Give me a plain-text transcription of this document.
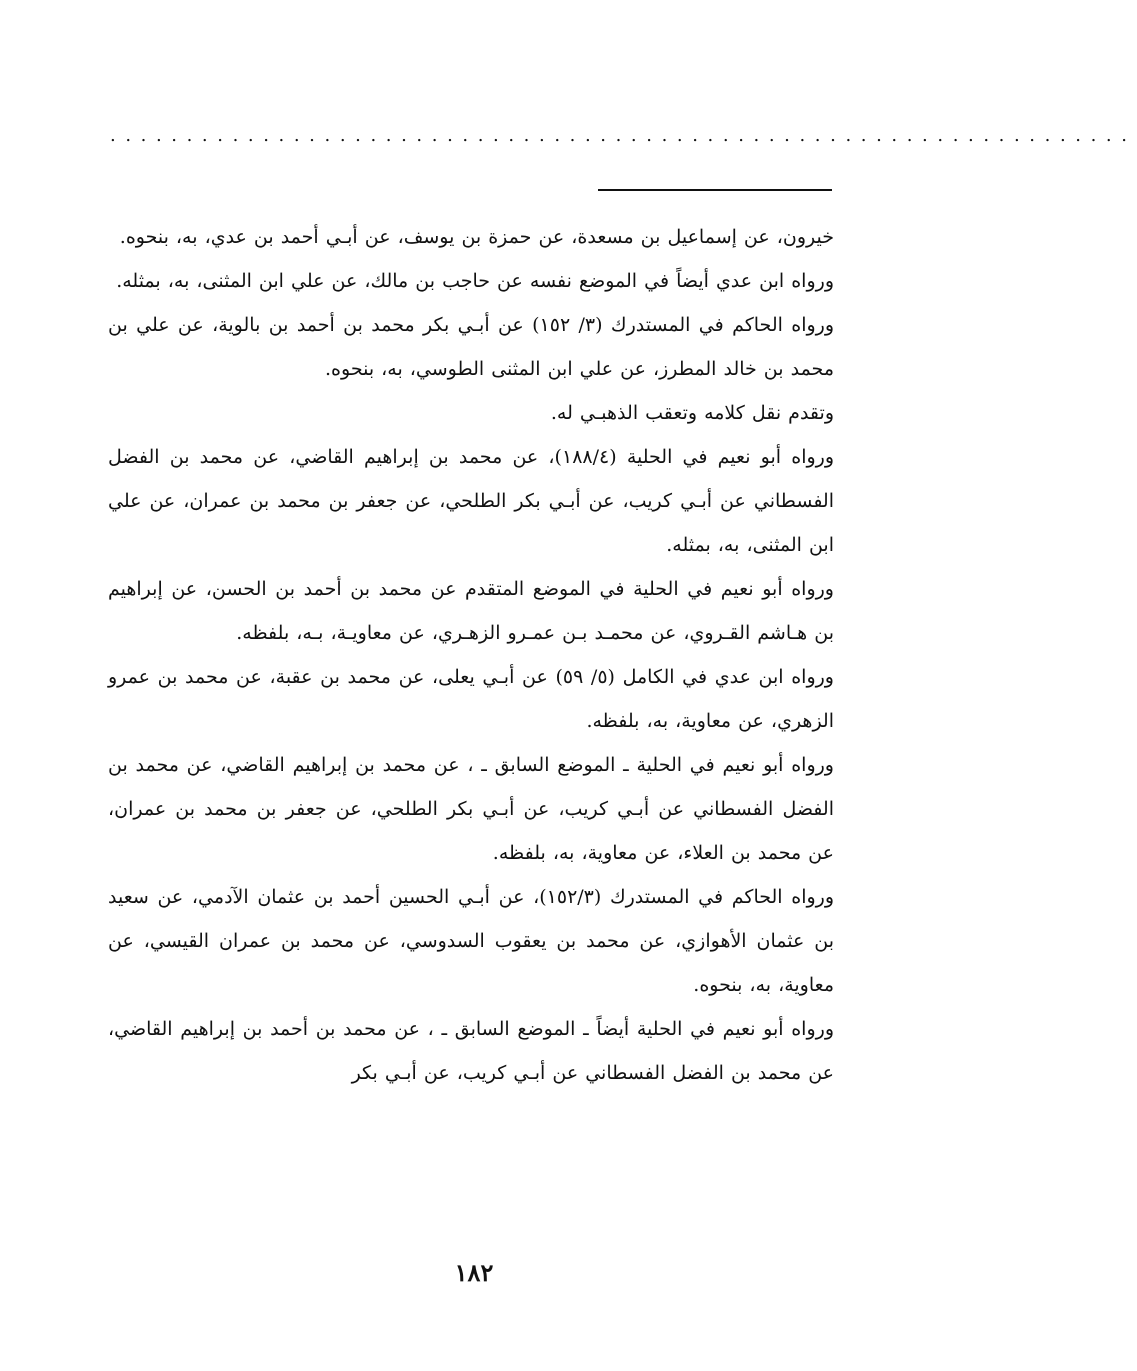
...................................................................

خيرون، عن إسماعيل بن مسعدة، عن حمزة بن يوسف، عن أبـي أحمد بن عدي، به، بنحوه.

ورواه ابن عدي أيضاً في الموضع نفسه عن حاجب بن مالك، عن علي ابن المثنى، به، بمثله.

ورواه الحاكم في المستدرك (٣/ ١٥٢) عن أبـي بكر محمد بن أحمد بن بالوية، عن علي بن محمد بن خالد المطرز، عن علي ابن المثنى الطوسي، به، بنحوه.

وتقدم نقل كلامه وتعقب الذهبـي له.

ورواه أبو نعيم في الحلية (١٨٨/٤)، عن محمد بن إبراهيم القاضي، عن محمد بن الفضل الفسطاني عن أبـي كريب، عن أبـي بكر الطلحي، عن جعفر بن محمد بن عمران، عن علي ابن المثنى، به، بمثله.

ورواه أبو نعيم في الحلية في الموضع المتقدم عن محمد بن أحمد بن الحسن، عن إبراهيم بن هـاشم القـروي، عن محمـد بـن عمـرو الزهـري، عن معاويـة، بـه، بلفظه.

ورواه ابن عدي في الكامل (٥/ ٥٩) عن أبـي يعلى، عن محمد بن عقبة، عن محمد بن عمرو الزهري، عن معاوية، به، بلفظه.

ورواه أبو نعيم في الحلية ـ الموضع السابق ـ ، عن محمد بن إبراهيم القاضي، عن محمد بن الفضل الفسطاني عن أبـي كريب، عن أبـي بكر الطلحي، عن جعفر بن محمد بن عمران، عن محمد بن العلاء، عن معاوية، به، بلفظه.

ورواه الحاكم في المستدرك (١٥٢/٣)، عن أبـي الحسين أحمد بن عثمان الآدمي، عن سعيد بن عثمان الأهوازي، عن محمد بن يعقوب السدوسي، عن محمد بن عمران القيسي، عن معاوية، به، بنحوه.

ورواه أبو نعيم في الحلية أيضاً ـ الموضع السابق ـ ، عن محمد بن أحمد بن إبراهيم القاضي، عن محمد بن الفضل الفسطاني عن أبـي كريب، عن أبـي بكر

١٨٢
